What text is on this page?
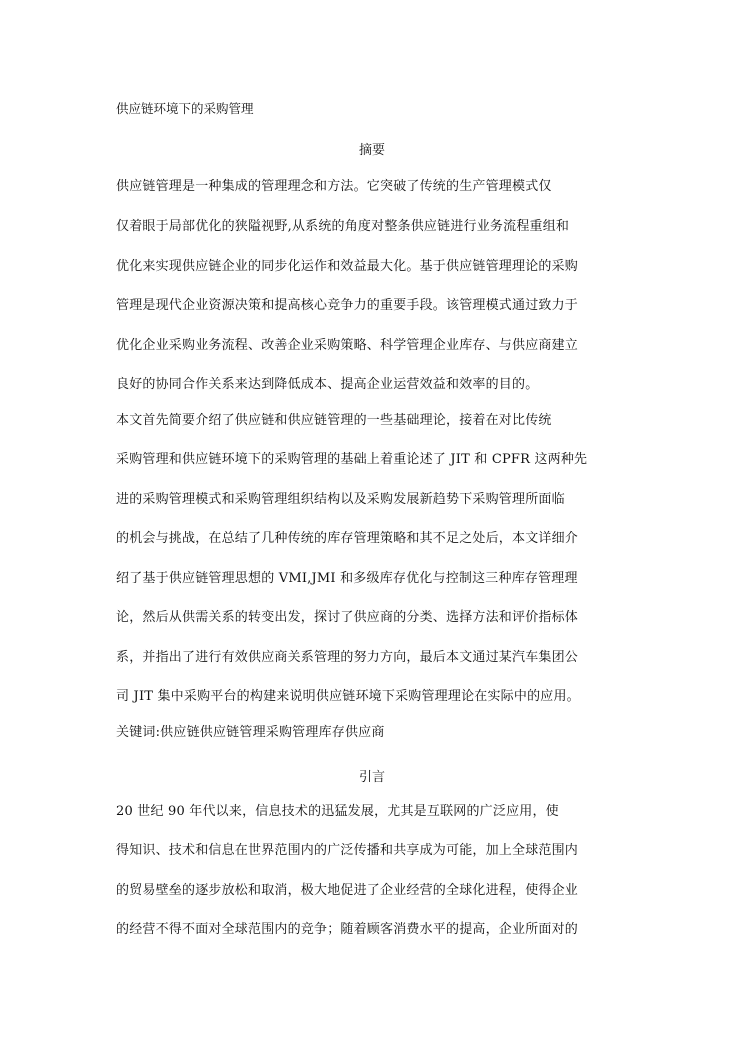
供应链环境下的采购管理
摘要
供应链管理是一种集成的管理理念和方法。它突破了传统的生产管理模式仅
仅着眼于局部优化的狭隘视野,从系统的角度对整条供应链进行业务流程重组和
优化来实现供应链企业的同步化运作和效益最大化。基于供应链管理理论的采购
管理是现代企业资源决策和提高核心竞争力的重要手段。该管理模式通过致力于
优化企业采购业务流程、改善企业采购策略、科学管理企业库存、与供应商建立
良好的协同合作关系来达到降低成本、提高企业运营效益和效率的目的。
本文首先简要介绍了供应链和供应链管理的一些基础理论，接着在对比传统
采购管理和供应链环境下的采购管理的基础上着重论述了 JIT 和 CPFR 这两种先
进的采购管理模式和采购管理组织结构以及采购发展新趋势下采购管理所面临
的机会与挑战，在总结了几种传统的库存管理策略和其不足之处后，本文详细介
绍了基于供应链管理思想的 VMI,JMI 和多级库存优化与控制这三种库存管理理
论，然后从供需关系的转变出发，探讨了供应商的分类、选择方法和评价指标体
系，并指出了进行有效供应商关系管理的努力方向，最后本文通过某汽车集团公
司 JIT 集中采购平台的构建来说明供应链环境下采购管理理论在实际中的应用。
关键词:供应链供应链管理采购管理库存供应商
引言
20 世纪 90 年代以来，信息技术的迅猛发展，尤其是互联网的广泛应用，使
得知识、技术和信息在世界范围内的广泛传播和共享成为可能，加上全球范围内
的贸易壁垒的逐步放松和取消，极大地促进了企业经营的全球化进程，使得企业
的经营不得不面对全球范围内的竞争；随着顾客消费水平的提高，企业所面对的
